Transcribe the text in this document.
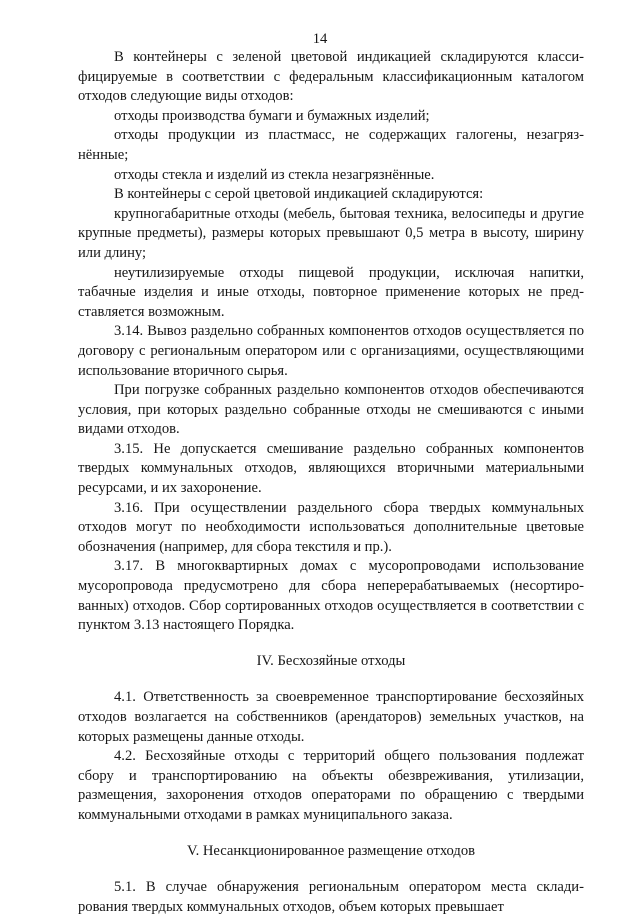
14

В контейнеры с зеленой цветовой индикацией складируются классифицируемые в соответствии с федеральным классификационным каталогом отходов следующие виды отходов:

отходы производства бумаги и бумажных изделий;

отходы продукции из пластмасс, не содержащих галогены, незагрязнённые;

отходы стекла и изделий из стекла незагрязнённые.

В контейнеры с серой цветовой индикацией складируются:

крупногабаритные отходы (мебель, бытовая техника, велосипеды и другие крупные предметы), размеры которых превышают 0,5 метра в высоту, ширину или длину;

неутилизируемые отходы пищевой продукции, исключая напитки, табачные изделия и иные отходы, повторное применение которых не представляется возможным.

3.14. Вывоз раздельно собранных компонентов отходов осуществляется по договору с региональным оператором или с организациями, осуществляющими использование вторичного сырья.

При погрузке собранных раздельно компонентов отходов обеспечиваются условия, при которых раздельно собранные отходы не смешиваются с иными видами отходов.

3.15. Не допускается смешивание раздельно собранных компонентов твердых коммунальных отходов, являющихся вторичными материальными ресурсами, и их захоронение.

3.16. При осуществлении раздельного сбора твердых коммунальных отходов могут по необходимости использоваться дополнительные цветовые обозначения (например, для сбора текстиля и пр.).

3.17. В многоквартирных домах с мусоропроводами использование мусоропровода предусмотрено для сбора неперерабатываемых (несортированных) отходов. Сбор сортированных отходов осуществляется в соответствии с пунктом 3.13 настоящего Порядка.

IV. Бесхозяйные отходы

4.1. Ответственность за своевременное транспортирование бесхозяйных отходов возлагается на собственников (арендаторов) земельных участков, на которых размещены данные отходы.

4.2. Бесхозяйные отходы с территорий общего пользования подлежат сбору и транспортированию на объекты обезвреживания, утилизации, размещения, захоронения отходов операторами по обращению с твердыми коммунальными отходами в рамках муниципального заказа.

V. Несанкционированное размещение отходов

5.1. В случае обнаружения региональным оператором места складирования твердых коммунальных отходов, объем которых превышает
